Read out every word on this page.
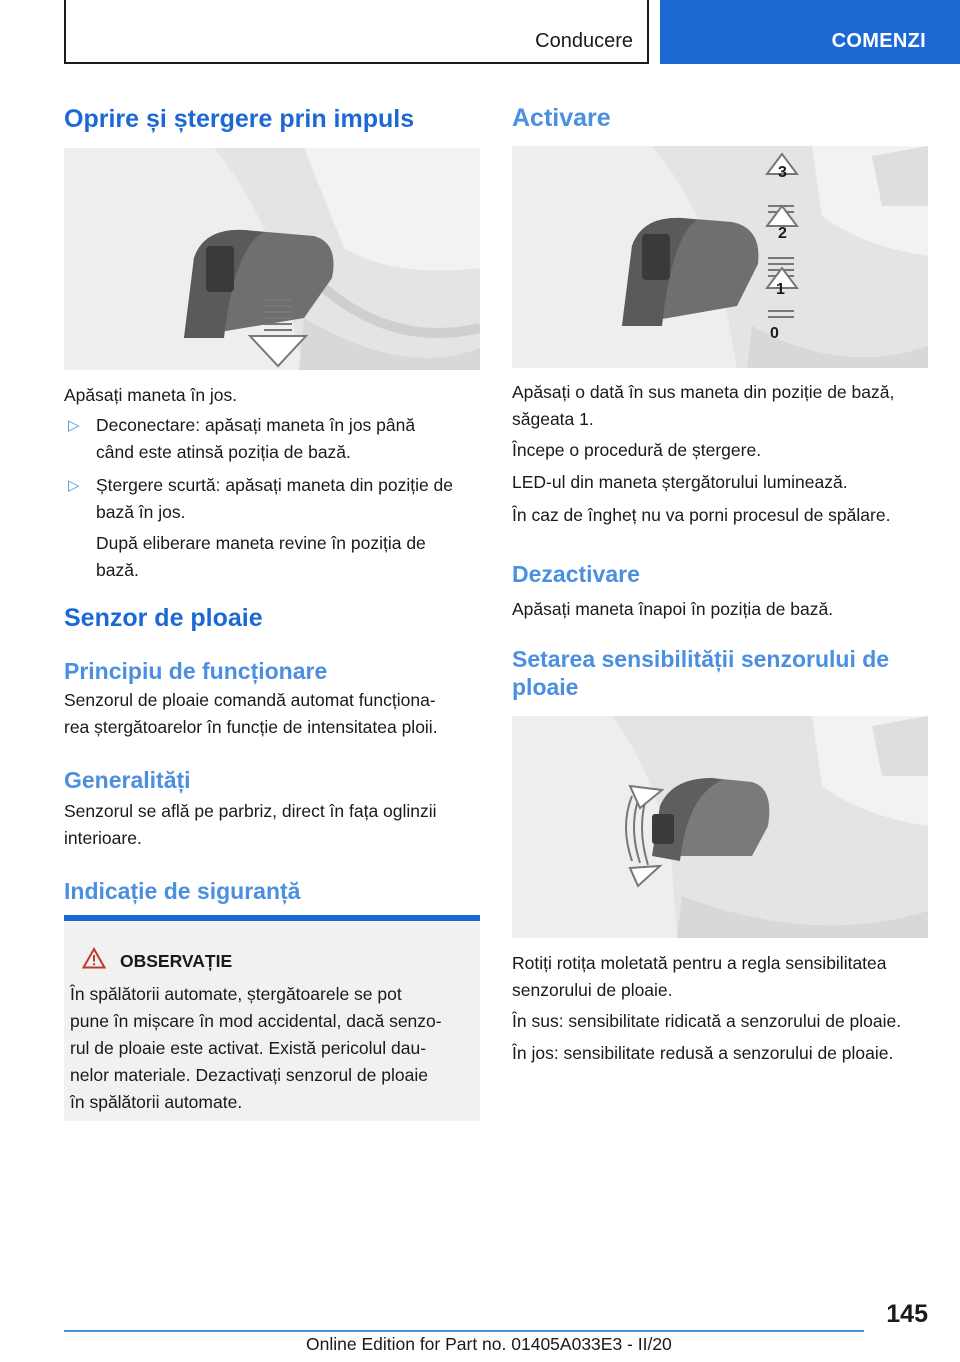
Conducere	COMENZI
Oprire și ștergere prin impuls
Apăsați maneta în jos.
▷ Deconectare: apăsați maneta în jos până
când este atinsă poziția de bază.
▷ Ștergere scurtă: apăsați maneta din poziție de
bază în jos.
După eliberare maneta revine în poziția de
bază.
Senzor de ploaie
Principiu de funcționare
Senzorul de ploaie comandă automat funcționa‐
rea ștergătoarelor în funcție de intensitatea ploii.
Generalități
Senzorul se află pe parbriz, direct în fața oglinzii
interioare.
Indicație de siguranță
OBSERVAȚIE
În spălătorii automate, ștergătoarele se pot
pune în mișcare în mod accidental, dacă senzo‐
rul de ploaie este activat. Există pericolul dau‐
nelor materiale. Dezactivați senzorul de ploaie
în spălătorii automate.
Activare
3
2
1
0
Apăsați o dată în sus maneta din poziție de bază,
săgeata 1.
Începe o procedură de ștergere.
LED-ul din maneta ștergătorului luminează.
În caz de îngheț nu va porni procesul de spălare.
Dezactivare
Apăsați maneta înapoi în poziția de bază.
Setarea sensibilității senzorului de
ploaie
Rotiți rotița moletată pentru a regla sensibilitatea
senzorului de ploaie.
În sus: sensibilitate ridicată a senzorului de ploaie.
În jos: sensibilitate redusă a senzorului de ploaie.
145
Online Edition for Part no. 01405A033E3 - II/20
